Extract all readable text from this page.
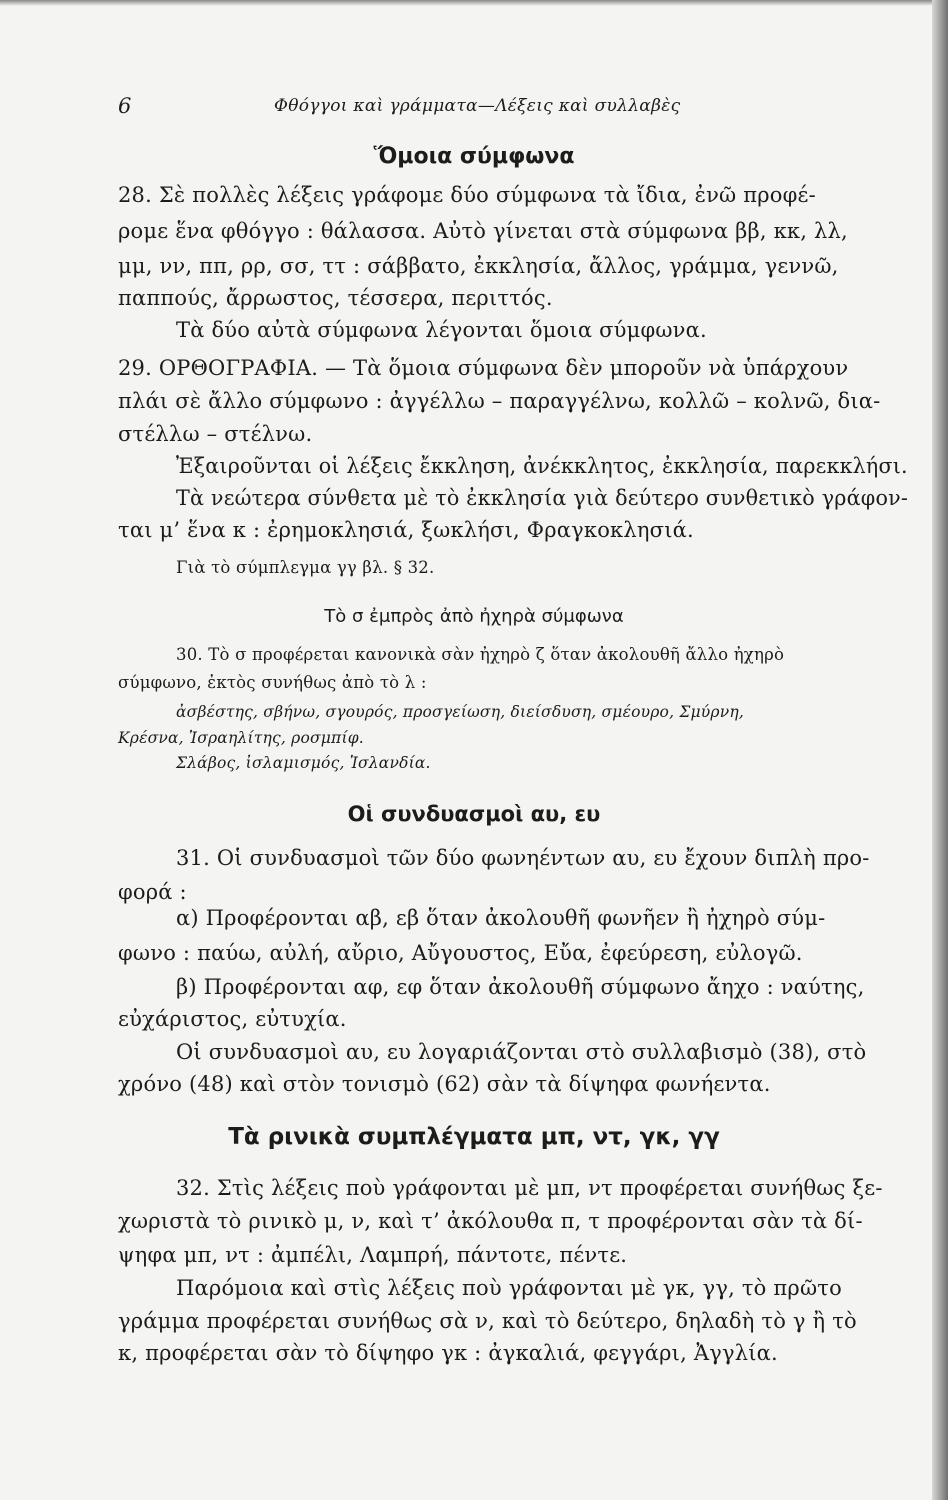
6	Φθόγγοι καὶ γράμματα—Λέξεις καὶ συλλαβὲς
Ὅμοια σύμφωνα
28. Σὲ πολλὲς λέξεις γράφομε δύο σύμφωνα τὰ ἴδια, ἐνῶ προφέ-
ρομε ἕνα φθόγγο : θάλασσα. Αὐτὸ γίνεται στὰ σύμφωνα ββ, κκ, λλ,
μμ, νν, ππ, ρρ, σσ, ττ : σάββατο, ἐκκλησία, ἄλλος, γράμμα, γεννῶ,
παππούς, ἄρρωστος, τέσσερα, περιττός.
Τὰ δύο αὐτὰ σύμφωνα λέγονται ὅμοια σύμφωνα.
29. ΟΡΘΟΓΡΑΦΙΑ. — Τὰ ὅμοια σύμφωνα δὲν μποροῦν νὰ ὑπάρχουν
πλάι σὲ ἄλλο σύμφωνο : ἀγγέλλω – παραγγέλνω, κολλῶ – κολνῶ, δια-
στέλλω – στέλνω.
Ἐξαιροῦνται οἱ λέξεις ἔκκληση, ἀνέκκλητος, ἐκκλησία, παρεκκλήσι.
Τὰ νεώτερα σύνθετα μὲ τὸ ἐκκλησία γιὰ δεύτερο συνθετικὸ γράφον-
ται μ’ ἕνα κ : ἐρημοκλησιά, ξωκλήσι, Φραγκοκλησιά.
Γιὰ τὸ σύμπλεγμα γγ βλ. § 32.
Τὸ σ ἐμπρὸς ἀπὸ ἠχηρὰ σύμφωνα
30. Τὸ σ προφέρεται κανονικὰ σὰν ἠχηρὸ ζ ὅταν ἀκολουθῆ ἄλλο ἠχηρὸ
σύμφωνο, ἐκτὸς συνήθως ἀπὸ τὸ λ :
ἀσβέστης, σβήνω, σγουρός, προσγείωση, διείσδυση, σμέουρο, Σμύρνη,
Κρέσνα, Ἰσραηλίτης, ροσμπίφ.
Σλάβος, ἰσλαμισμός, Ἰσλανδία.
Οἱ συνδυασμοὶ αυ, ευ
31. Οἱ συνδυασμοὶ τῶν δύο φωνηέντων αυ, ευ ἔχουν διπλὴ προ-
φορά :
α) Προφέρονται αβ, εβ ὅταν ἀκολουθῆ φωνῆεν ἢ ἠχηρὸ σύμ-
φωνο : παύω, αὐλή, αὔριο, Αὔγουστος, Εὔα, ἐφεύρεση, εὐλογῶ.
β) Προφέρονται αφ, εφ ὅταν ἀκολουθῆ σύμφωνο ἄηχο : ναύτης,
εὐχάριστος, εὐτυχία.
Οἱ συνδυασμοὶ αυ, ευ λογαριάζονται στὸ συλλαβισμὸ (38), στὸ
χρόνο (48) καὶ στὸν τονισμὸ (62) σὰν τὰ δίψηφα φωνήεντα.
Τὰ ρινικὰ συμπλέγματα μπ, ντ, γκ, γγ
32. Στὶς λέξεις ποὺ γράφονται μὲ μπ, ντ προφέρεται συνήθως ξε-
χωριστὰ τὸ ρινικὸ μ, ν, καὶ τ’ ἀκόλουθα π, τ προφέρονται σὰν τὰ δί-
ψηφα μπ, ντ : ἀμπέλι, Λαμπρή, πάντοτε, πέντε.
Παρόμοια καὶ στὶς λέξεις ποὺ γράφονται μὲ γκ, γγ, τὸ πρῶτο
γράμμα προφέρεται συνήθως σὰ ν, καὶ τὸ δεύτερο, δηλαδὴ τὸ γ ἢ τὸ
κ, προφέρεται σὰν τὸ δίψηφο γκ : ἀγκαλιά, φεγγάρι, Ἀγγλία.
